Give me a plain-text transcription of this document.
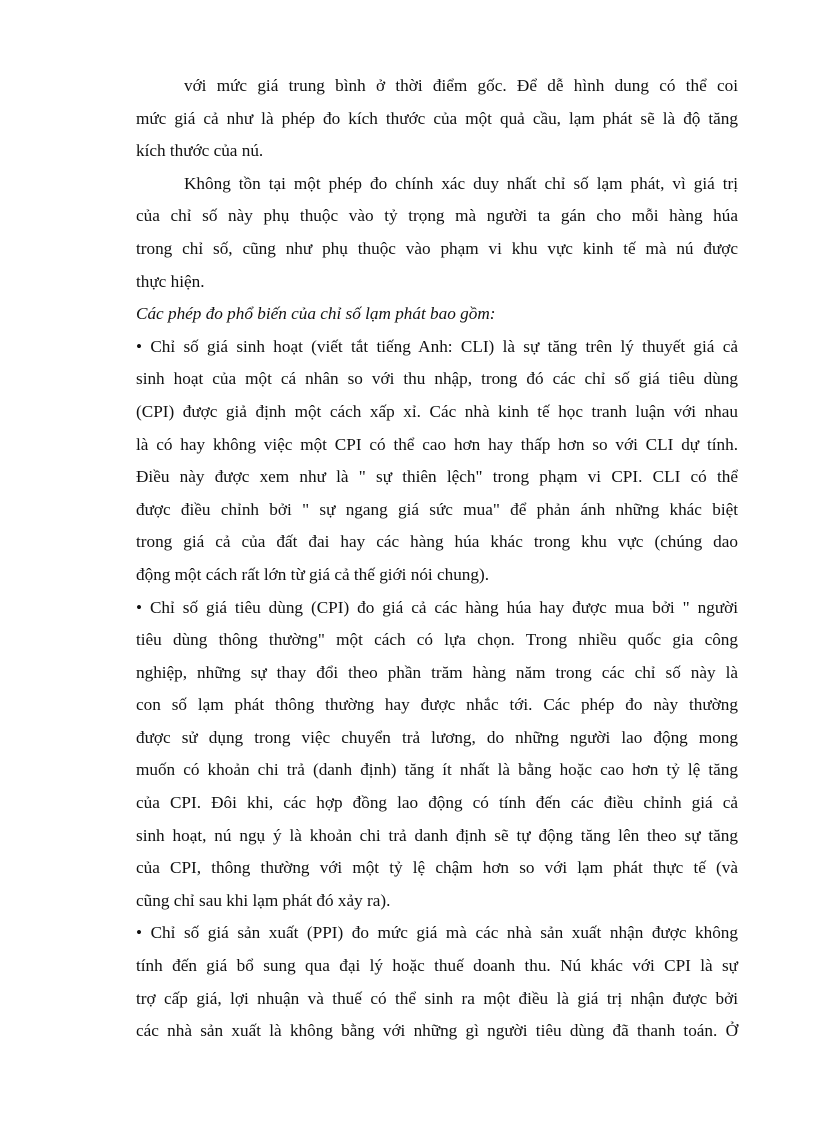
với mức giá trung bình ở thời điểm gốc. Để dễ hình dung có thể coi
mức giá cả như là phép đo kích thước của một quả cầu, lạm phát sẽ là độ tăng
kích thước của nú.
Không tồn tại một phép đo chính xác duy nhất chỉ số lạm phát, vì giá trị
của chỉ số này phụ thuộc vào tỷ trọng mà người ta gán cho mỗi hàng húa
trong chỉ số, cũng như phụ thuộc vào phạm vi khu vực kinh tế mà nú được
thực hiện.
Các phép đo phổ biến của chỉ số lạm phát bao gồm:
• Chỉ số giá sinh hoạt (viết tắt tiếng Anh: CLI) là sự tăng trên lý thuyết giá cả
sinh hoạt của một cá nhân so với thu nhập, trong đó các chỉ số giá tiêu dùng
(CPI) được giả định một cách xấp xỉ. Các nhà kinh tế học tranh luận với nhau
là có hay không việc một CPI có thể cao hơn hay thấp hơn so với CLI dự tính.
Điều này được xem như là " sự thiên lệch" trong phạm vi CPI. CLI có thể
được điều chỉnh bởi " sự ngang giá sức mua" để phản ánh những khác biệt
trong giá cả của đất đai hay các hàng húa khác trong khu vực (chúng dao
động một cách rất lớn từ giá cả thế giới nói chung).
• Chỉ số giá tiêu dùng (CPI) đo giá cả các hàng húa hay được mua bởi " người
tiêu dùng thông thường" một cách có lựa chọn. Trong nhiều quốc gia công
nghiệp, những sự thay đổi theo phần trăm hàng năm trong các chỉ số này là
con số lạm phát thông thường hay được nhắc tới. Các phép đo này thường
được sử dụng trong việc chuyển trả lương, do những người lao động mong
muốn có khoản chi trả (danh định) tăng ít nhất là bằng hoặc cao hơn tỷ lệ tăng
của CPI. Đôi khi, các hợp đồng lao động có tính đến các điều chỉnh giá cả
sinh hoạt, nú ngụ ý là khoản chi trả danh định sẽ tự động tăng lên theo sự tăng
của CPI, thông thường với một tỷ lệ chậm hơn so với lạm phát thực tế (và
cũng chỉ sau khi lạm phát đó xảy ra).
• Chỉ số giá sản xuất (PPI) đo mức giá mà các nhà sản xuất nhận được không
tính đến giá bổ sung qua đại lý hoặc thuế doanh thu. Nú khác với CPI là sự
trợ cấp giá, lợi nhuận và thuế có thể sinh ra một điều là giá trị nhận được bởi
các nhà sản xuất là không bằng với những gì người tiêu dùng đã thanh toán. Ở
